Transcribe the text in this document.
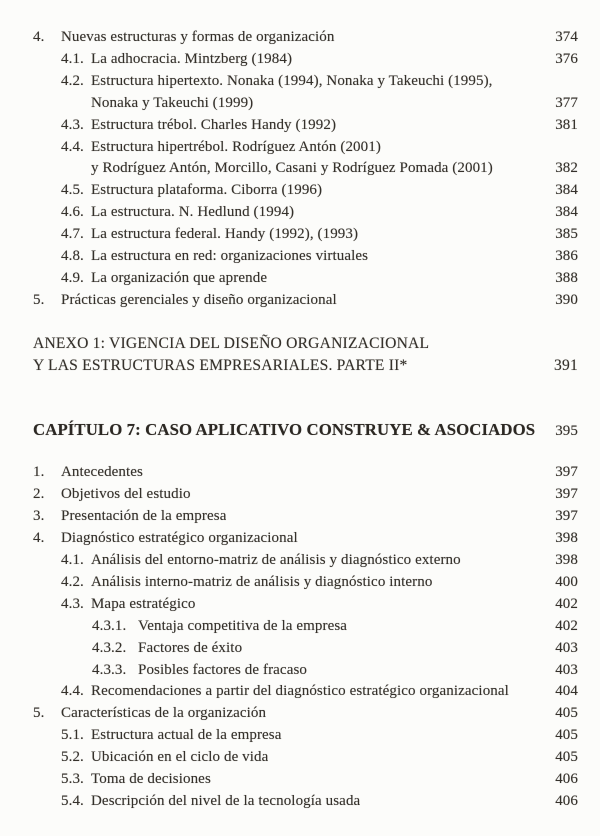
4.	Nuevas estructuras y formas de organización	374
4.1. La adhocracia. Mintzberg (1984)	376
4.2. Estructura hipertexto. Nonaka (1994), Nonaka y Takeuchi (1995),
Nonaka y Takeuchi (1999)	377
4.3. Estructura trébol. Charles Handy (1992)	381
4.4. Estructura hipertrébol. Rodríguez Antón (2001)
y Rodríguez Antón, Morcillo, Casani y Rodríguez Pomada (2001)	382
4.5. Estructura plataforma. Ciborra (1996)	384
4.6. La estructura. N. Hedlund (1994)	384
4.7. La estructura federal. Handy (1992), (1993)	385
4.8. La estructura en red: organizaciones virtuales	386
4.9. La organización que aprende	388
5.	Prácticas gerenciales y diseño organizacional	390
ANEXO 1: VIGENCIA DEL DISEÑO ORGANIZACIONAL
Y LAS ESTRUCTURAS EMPRESARIALES. PARTE II*	391
CAPÍTULO 7: CASO APLICATIVO CONSTRUYE & ASOCIADOS	395
1.	Antecedentes	397
2.	Objetivos del estudio	397
3.	Presentación de la empresa	397
4.	Diagnóstico estratégico organizacional	398
4.1. Análisis del entorno-matriz de análisis y diagnóstico externo	398
4.2. Análisis interno-matriz de análisis y diagnóstico interno	400
4.3. Mapa estratégico	402
4.3.1. Ventaja competitiva de la empresa	402
4.3.2. Factores de éxito	403
4.3.3. Posibles factores de fracaso	403
4.4. Recomendaciones a partir del diagnóstico estratégico organizacional	404
5.	Características de la organización	405
5.1. Estructura actual de la empresa	405
5.2. Ubicación en el ciclo de vida	405
5.3. Toma de decisiones	406
5.4. Descripción del nivel de la tecnología usada	406
